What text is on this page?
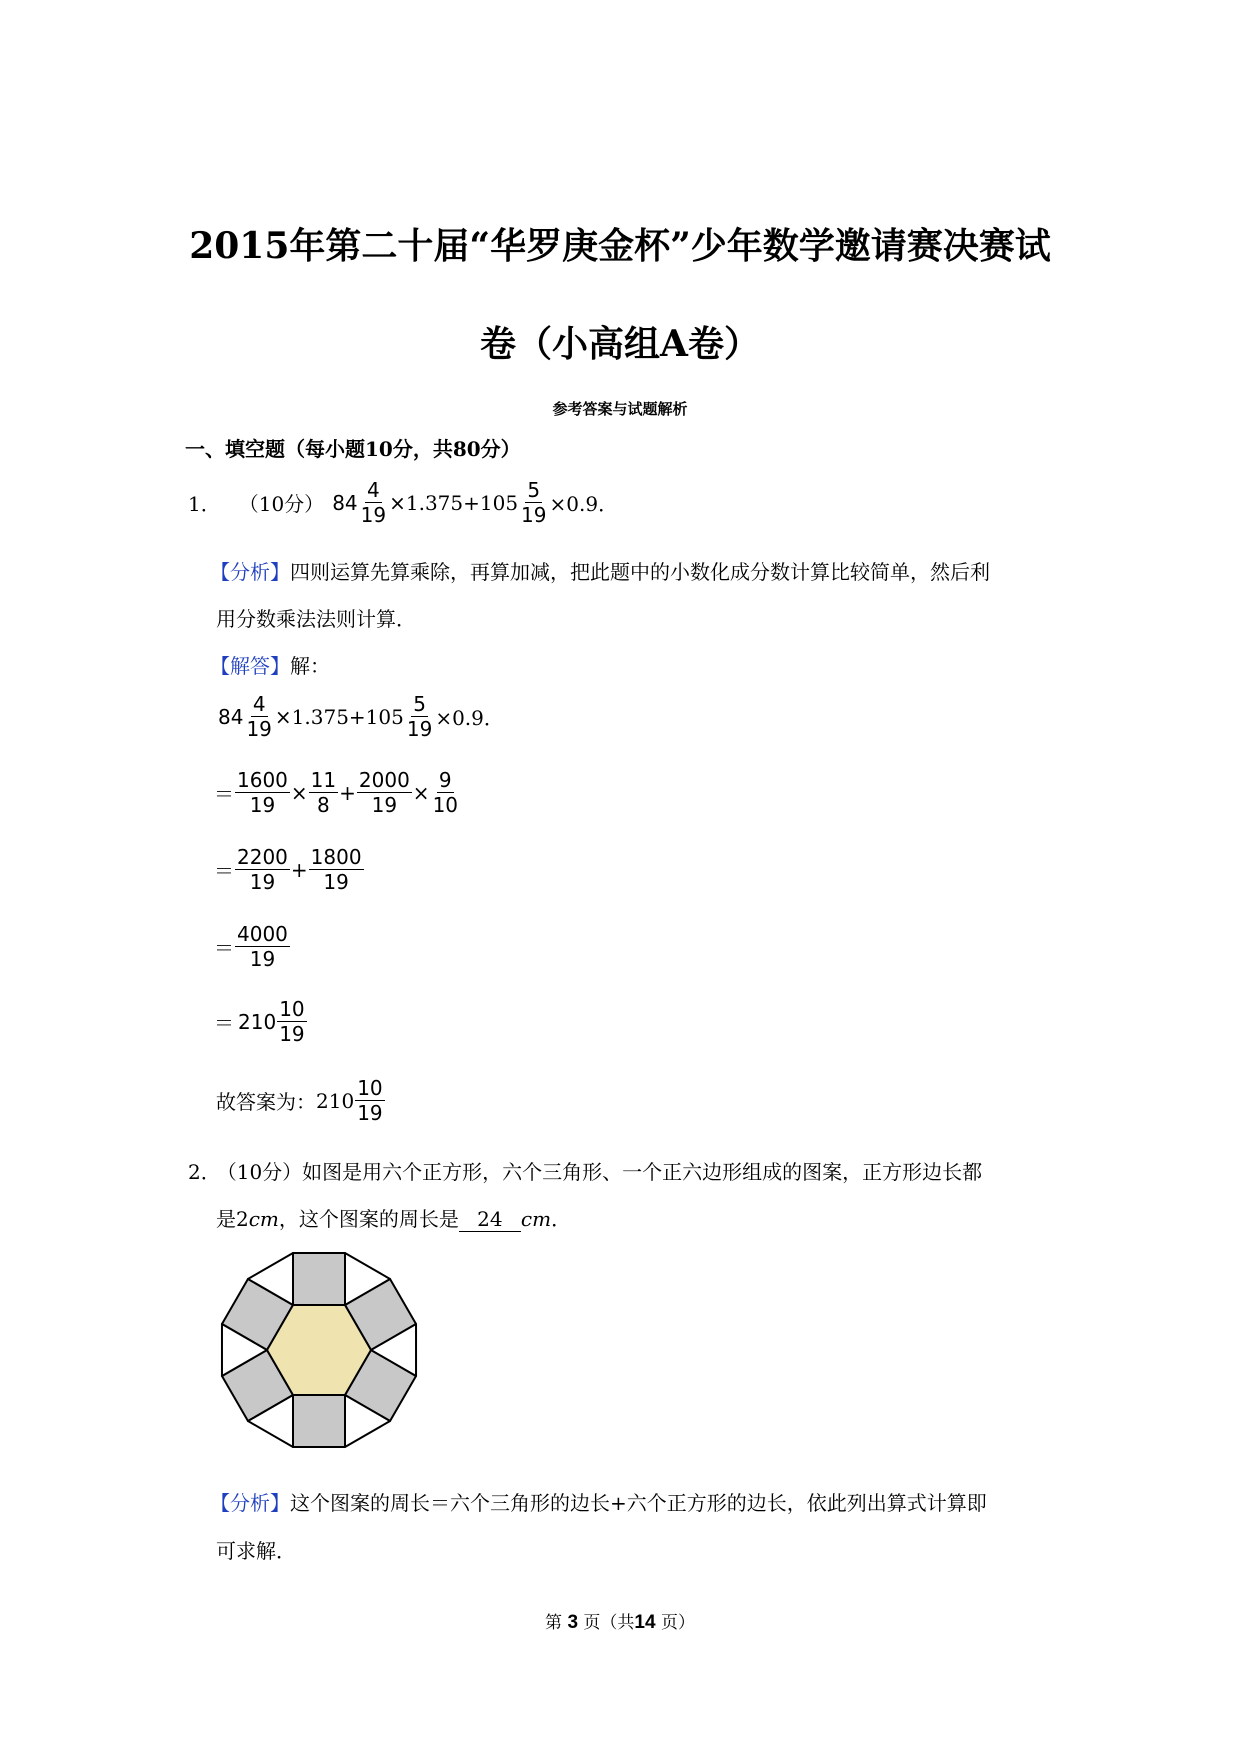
2015年第二十届“华罗庚金杯”少年数学邀请赛决赛试
卷（小高组A卷）
参考答案与试题解析
一、填空题（每小题10分，共80分）
1． （10分） $84 \frac{4}{19} \times 1.375+105 \frac{5}{19} \times 0.9$．
【分析】四则运算先算乘除，再算加减，把此题中的小数化成分数计算比较简单，然后利
用分数乘法法则计算．
【解答】解：
$84 \frac{4}{19} \times 1.375+105 \frac{5}{19} \times 0.9$．
＝ $\frac{1600}{19} \times \frac{11}{8} + \frac{2000}{19} \times \frac{9}{10}$
＝ $\frac{2200}{19} + \frac{1800}{19}$
＝ $\frac{4000}{19}$
＝ $210 \frac{10}{19}$
故答案为： $210 \frac{10}{19}$
2． （10分）如图是用六个正方形，六个三角形、一个正六边形组成的图案，正方形边长都
是2cm，这个图案的周长是 24 cm．
【分析】这个图案的周长＝六个三角形的边长+六个正方形的边长，依此列出算式计算即
可求解．
第 3 页（共14 页）
